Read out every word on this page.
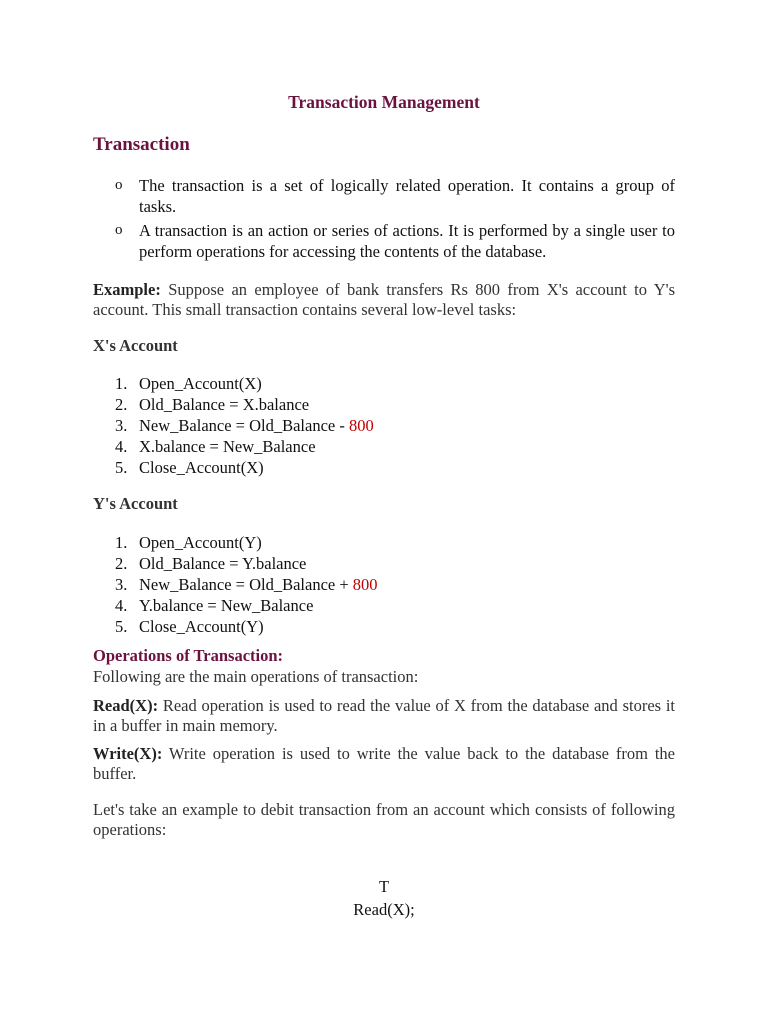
Transaction Management
Transaction
o The transaction is a set of logically related operation. It contains a group of tasks.
o A transaction is an action or series of actions. It is performed by a single user to perform operations for accessing the contents of the database.

Example: Suppose an employee of bank transfers Rs 800 from X's account to Y's account. This small transaction contains several low-level tasks:

X's Account

1. Open_Account(X)
2. Old_Balance = X.balance
3. New_Balance = Old_Balance - 800
4. X.balance = New_Balance
5. Close_Account(X)

Y's Account

1. Open_Account(Y)
2. Old_Balance = Y.balance
3. New_Balance = Old_Balance + 800
4. Y.balance = New_Balance
5. Close_Account(Y)

Operations of Transaction:

Following are the main operations of transaction:

Read(X): Read operation is used to read the value of X from the database and stores it in a buffer in main memory.

Write(X): Write operation is used to write the value back to the database from the buffer.

Let's take an example to debit transaction from an account which consists of following operations:

T

Read(X);
